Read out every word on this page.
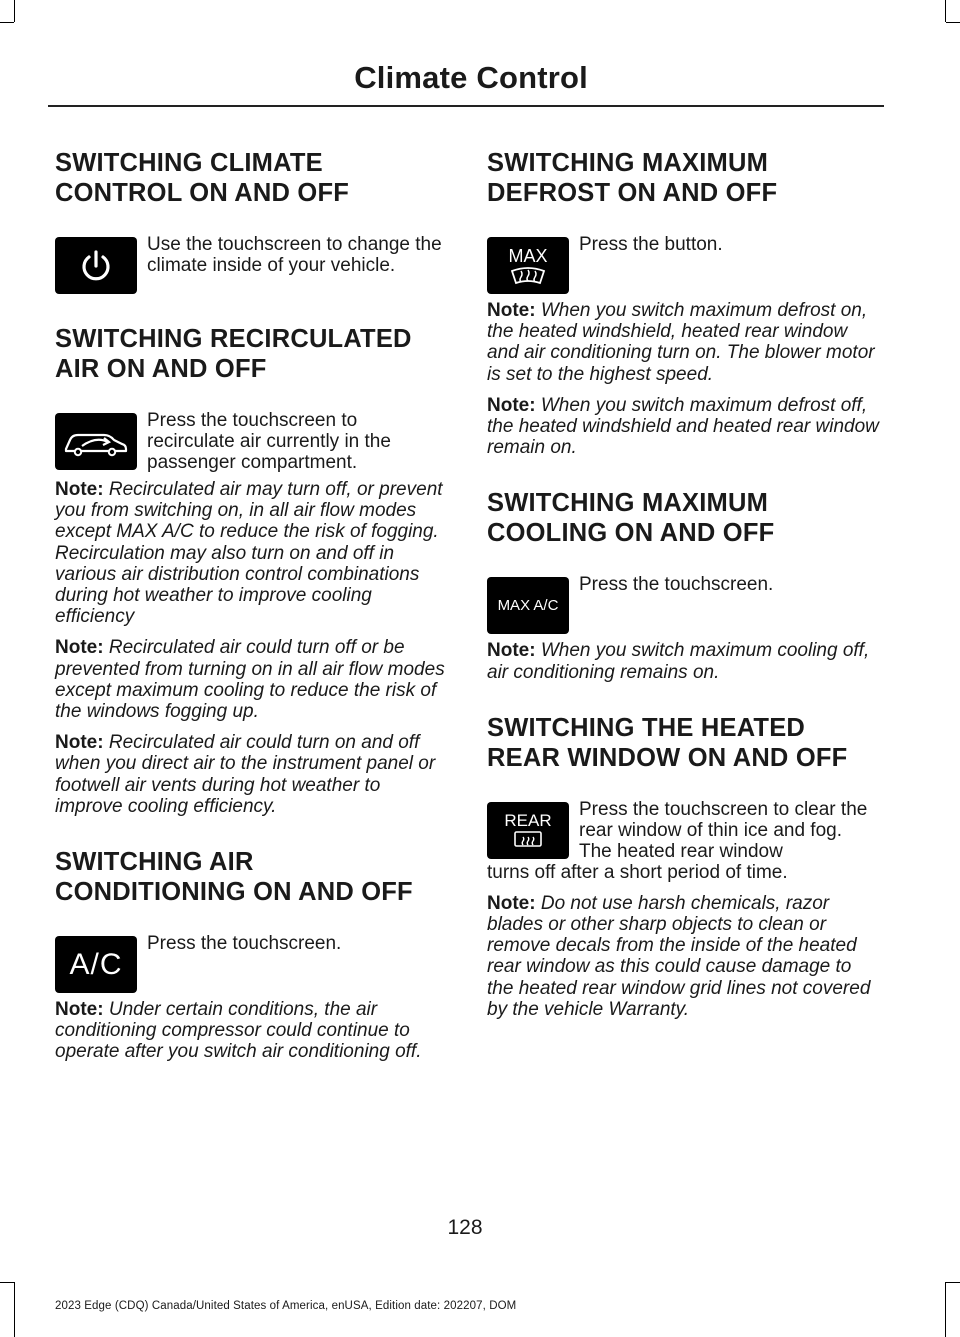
Climate Control
SWITCHING CLIMATE
CONTROL ON AND OFF
Use the touchscreen to change the climate inside of your vehicle.
SWITCHING RECIRCULATED
AIR ON AND OFF
Press the touchscreen to recirculate air currently in the passenger compartment.

Note: Recirculated air may turn off, or prevent you from switching on, in all air flow modes except MAX A/C to reduce the risk of fogging. Recirculation may also turn on and off in various air distribution control combinations during hot weather to improve cooling efficiency

Note: Recirculated air could turn off or be prevented from turning on in all air flow modes except maximum cooling to reduce the risk of the windows fogging up.

Note: Recirculated air could turn on and off when you direct air to the instrument panel or footwell air vents during hot weather to improve cooling efficiency.

SWITCHING AIR
CONDITIONING ON AND OFF
A/C
Press the touchscreen.

Note: Under certain conditions, the air conditioning compressor could continue to operate after you switch air conditioning off.

SWITCHING MAXIMUM
DEFROST ON AND OFF
MAX
Press the button.

Note: When you switch maximum defrost on, the heated windshield, heated rear window and air conditioning turn on. The blower motor is set to the highest speed.

Note: When you switch maximum defrost off, the heated windshield and heated rear window remain on.

SWITCHING MAXIMUM
COOLING ON AND OFF
MAX A/C
Press the touchscreen.

Note: When you switch maximum cooling off, air conditioning remains on.

SWITCHING THE HEATED
REAR WINDOW ON AND OFF
REAR
Press the touchscreen to clear the rear window of thin ice and fog. The heated rear window

turns off after a short period of time.

Note: Do not use harsh chemicals, razor blades or other sharp objects to clean or remove decals from the inside of the heated rear window as this could cause damage to the heated rear window grid lines not covered by the vehicle Warranty.

128
2023 Edge (CDQ) Canada/United States of America, enUSA, Edition date: 202207, DOM
